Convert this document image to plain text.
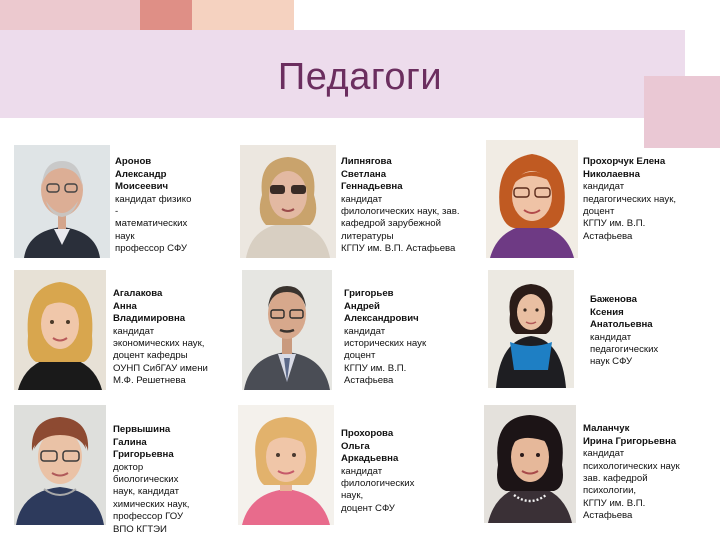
Педагоги

Аронов
Александр
Моисеевич
кандидат физико
-
математических
наук
профессор СФУ

Липнягова
Светлана
Геннадьевна
кандидат
филологических наук, зав.
кафедрой зарубежной
литературы
КГПУ им. В.П. Астафьева

Прохорчук Елена
Николаевна
кандидат
педагогических наук,
доцент
КГПУ им. В.П.
Астафьева

Агалакова
Анна
Владимировна
кандидат
экономических наук,
доцент кафедры
ОУНП СибГАУ имени
М.Ф. Решетнева

Григорьев
Андрей
Александрович
кандидат
исторических наук
доцент
КГПУ им. В.П.
Астафьева

Баженова
Ксения
Анатольевна
кандидат
педагогических
наук СФУ

Первышина
Галина
Григорьевна
доктор
биологических
наук, кандидат
химических наук,
профессор ГОУ
ВПО КГТЭИ

Прохорова
Ольга
Аркадьевна
кандидат
филологических
наук,
доцент СФУ

Маланчук
Ирина Григорьевна
кандидат
психологических наук
зав. кафедрой
психологии,
КГПУ им. В.П.
Астафьева
